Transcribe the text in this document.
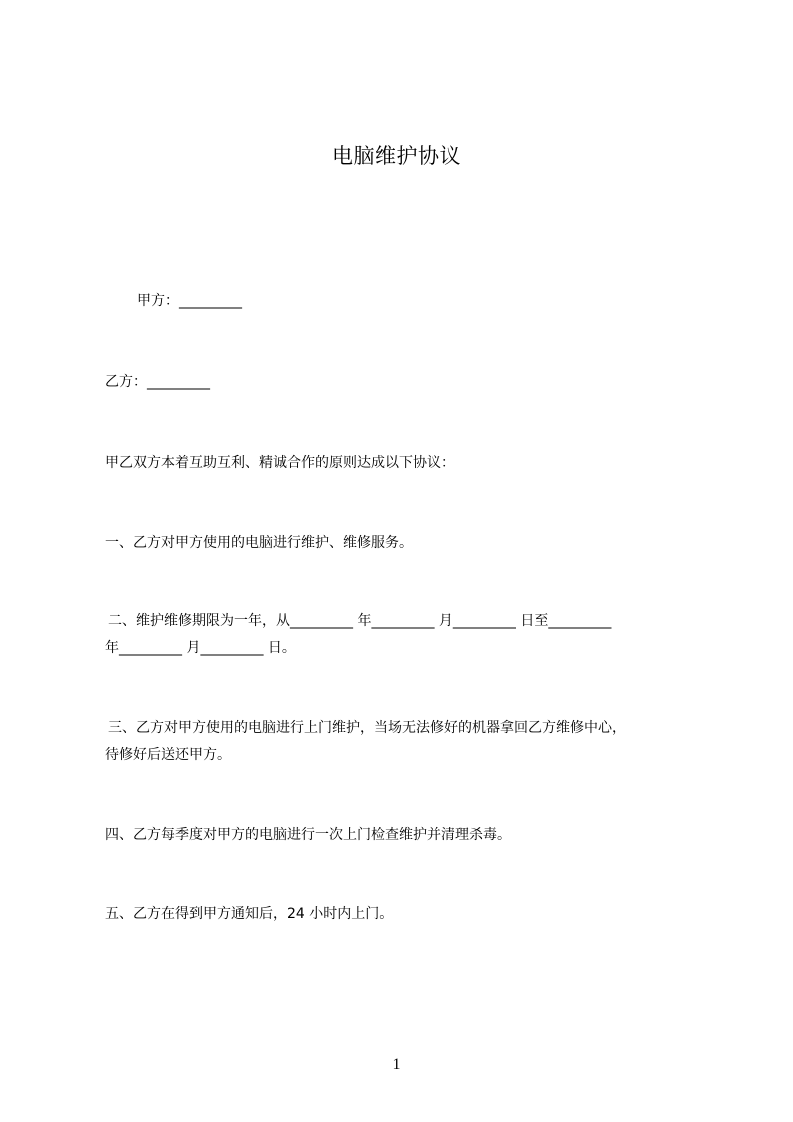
电脑维护协议
甲方：_________
乙方：_________
甲乙双方本着互助互利、精诚合作的原则达成以下协议：
一、乙方对甲方使用的电脑进行维护、维修服务。
二、维护维修期限为一年，从_________ 年_________ 月_________ 日至_________
年_________ 月_________ 日。
三、乙方对甲方使用的电脑进行上门维护，当场无法修好的机器拿回乙方维修中心，
待修好后送还甲方。
四、乙方每季度对甲方的电脑进行一次上门检查维护并清理杀毒。
五、乙方在得到甲方通知后，24 小时内上门。
1
